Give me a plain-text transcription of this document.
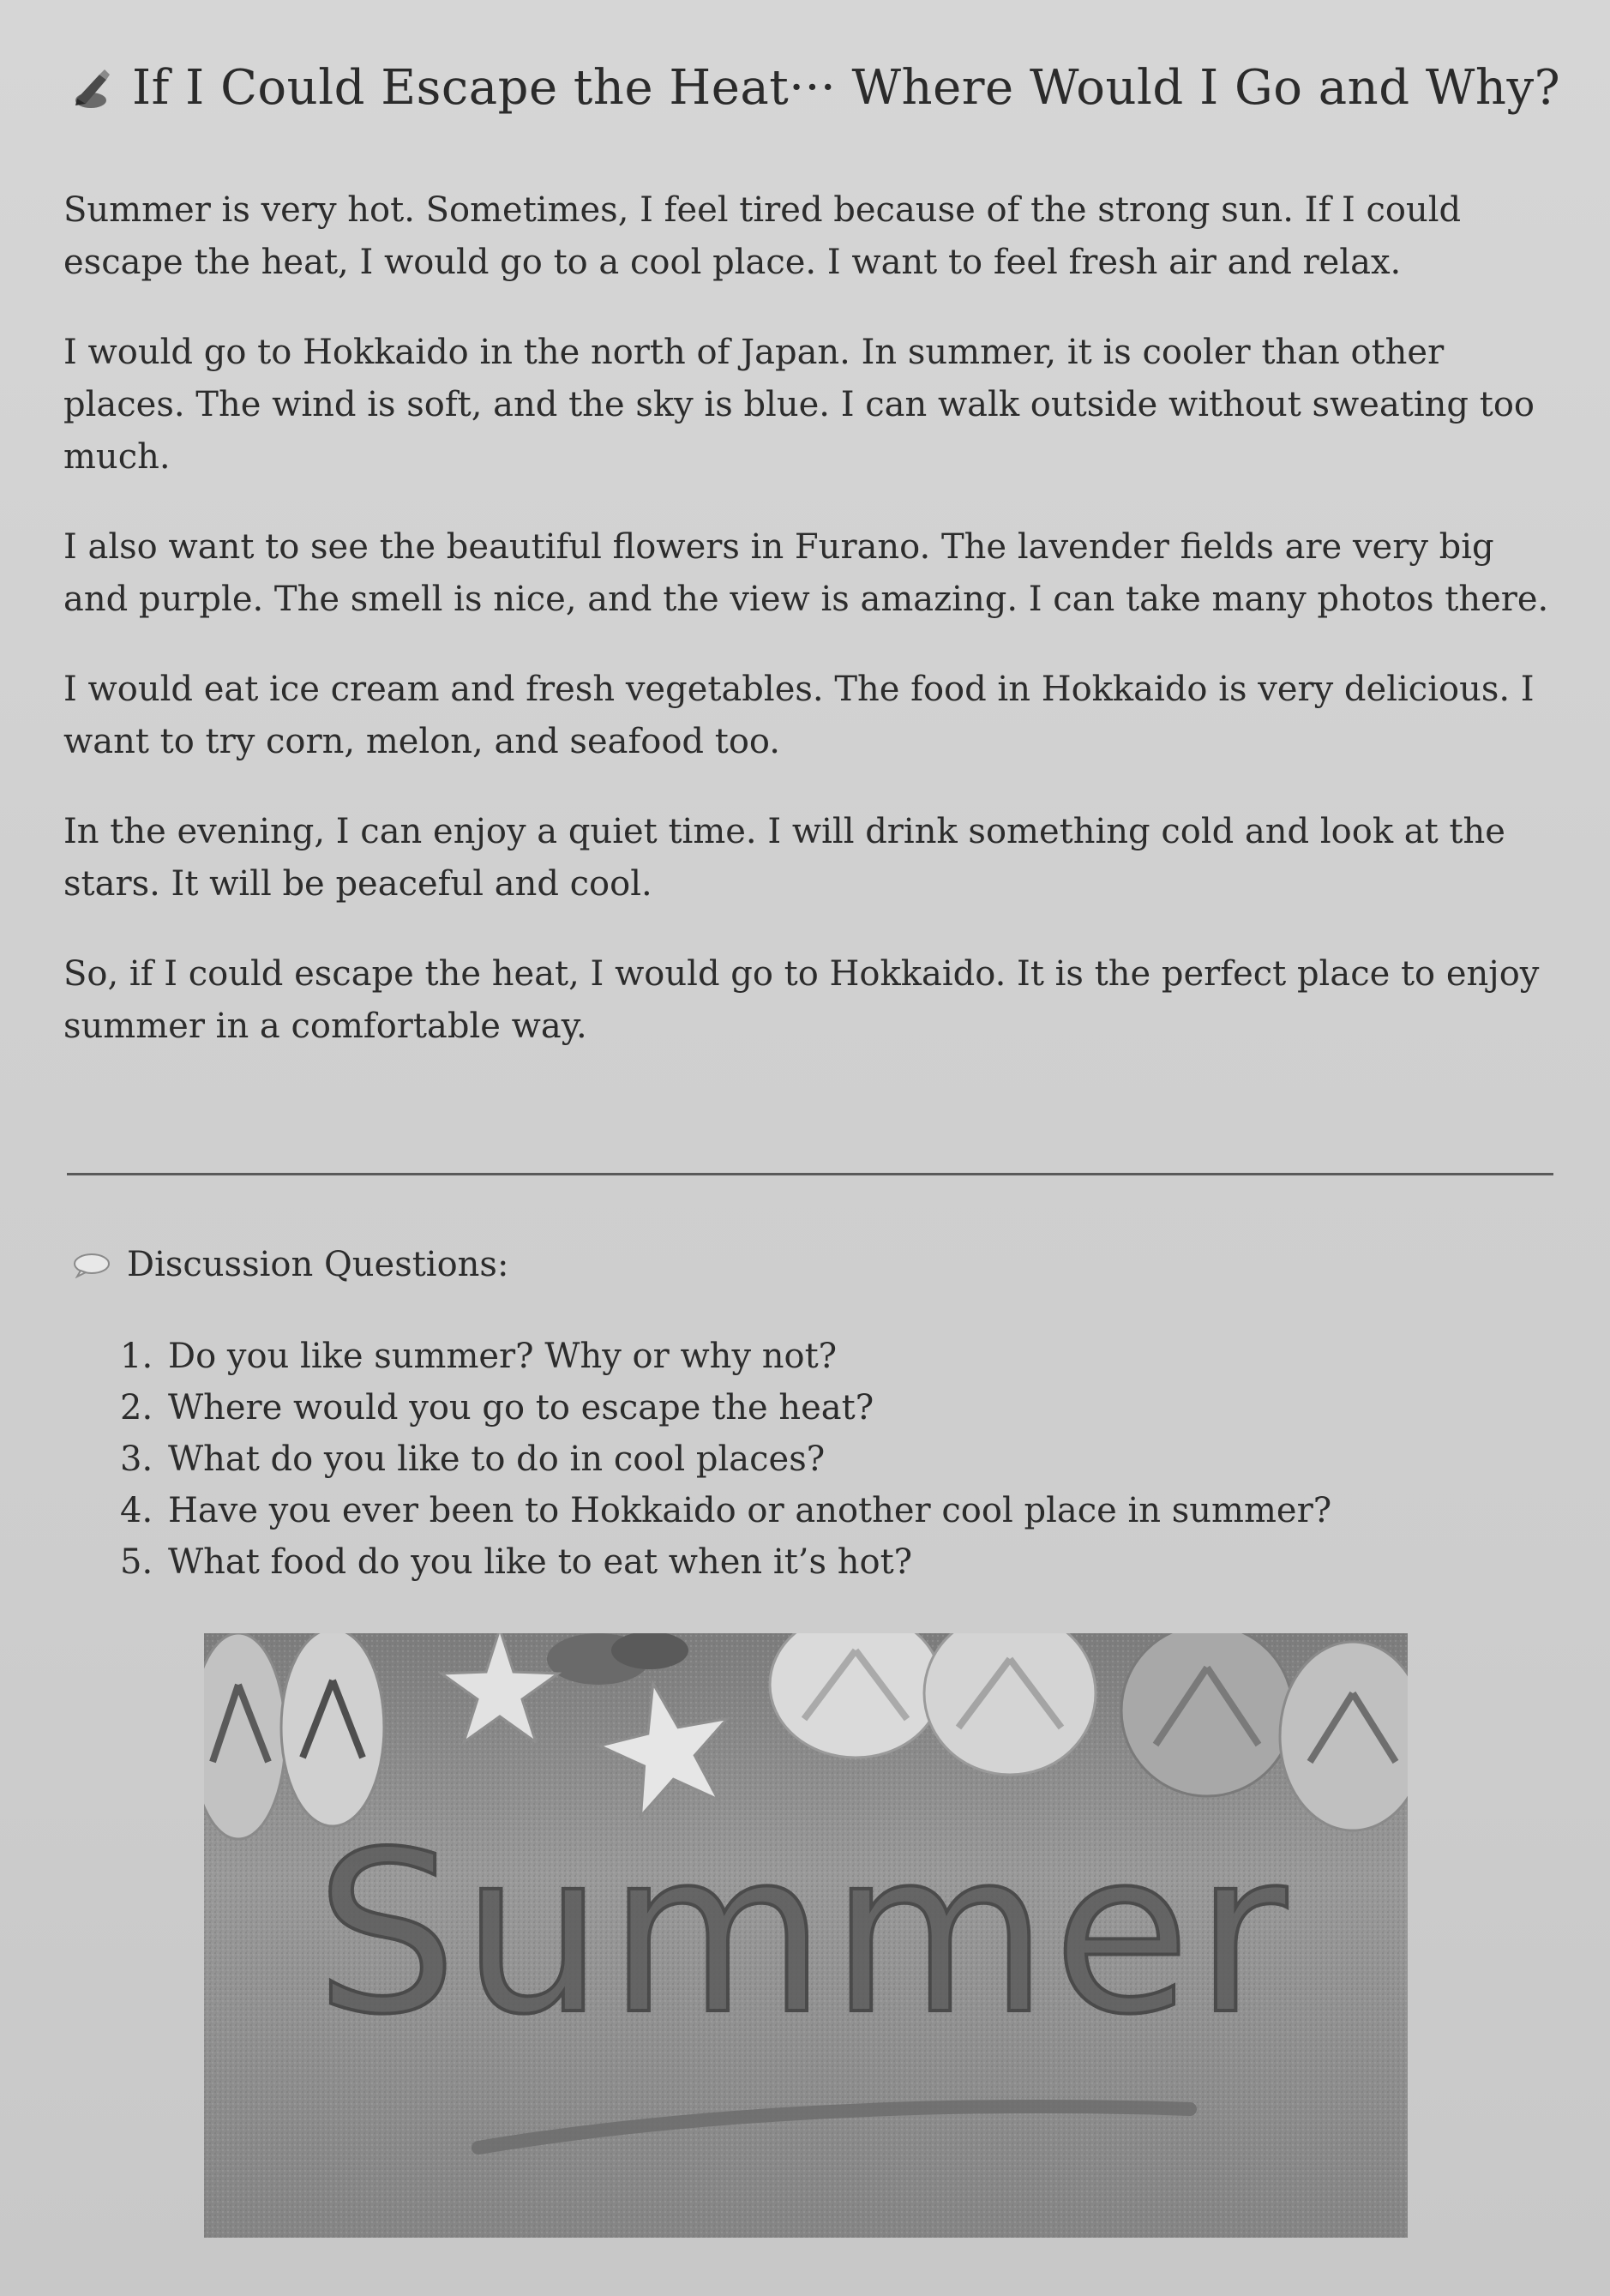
If I Could Escape the Heat··· Where Would I Go and Why?

Summer is very hot. Sometimes, I feel tired because of the strong sun. If I could escape the heat, I would go to a cool place. I want to feel fresh air and relax.

I would go to Hokkaido in the north of Japan. In summer, it is cooler than other places. The wind is soft, and the sky is blue. I can walk outside without sweating too much.

I also want to see the beautiful flowers in Furano. The lavender fields are very big and purple. The smell is nice, and the view is amazing. I can take many photos there.

I would eat ice cream and fresh vegetables. The food in Hokkaido is very delicious. I want to try corn, melon, and seafood too.

In the evening, I can enjoy a quiet time. I will drink something cold and look at the stars. It will be peaceful and cool.

So, if I could escape the heat, I would go to Hokkaido. It is the perfect place to enjoy summer in a comfortable way.

Discussion Questions:
1. Do you like summer? Why or why not?
2. Where would you go to escape the heat?
3. What do you like to do in cool places?
4. Have you ever been to Hokkaido or another cool place in summer?
5. What food do you like to eat when it’s hot?
Summer
